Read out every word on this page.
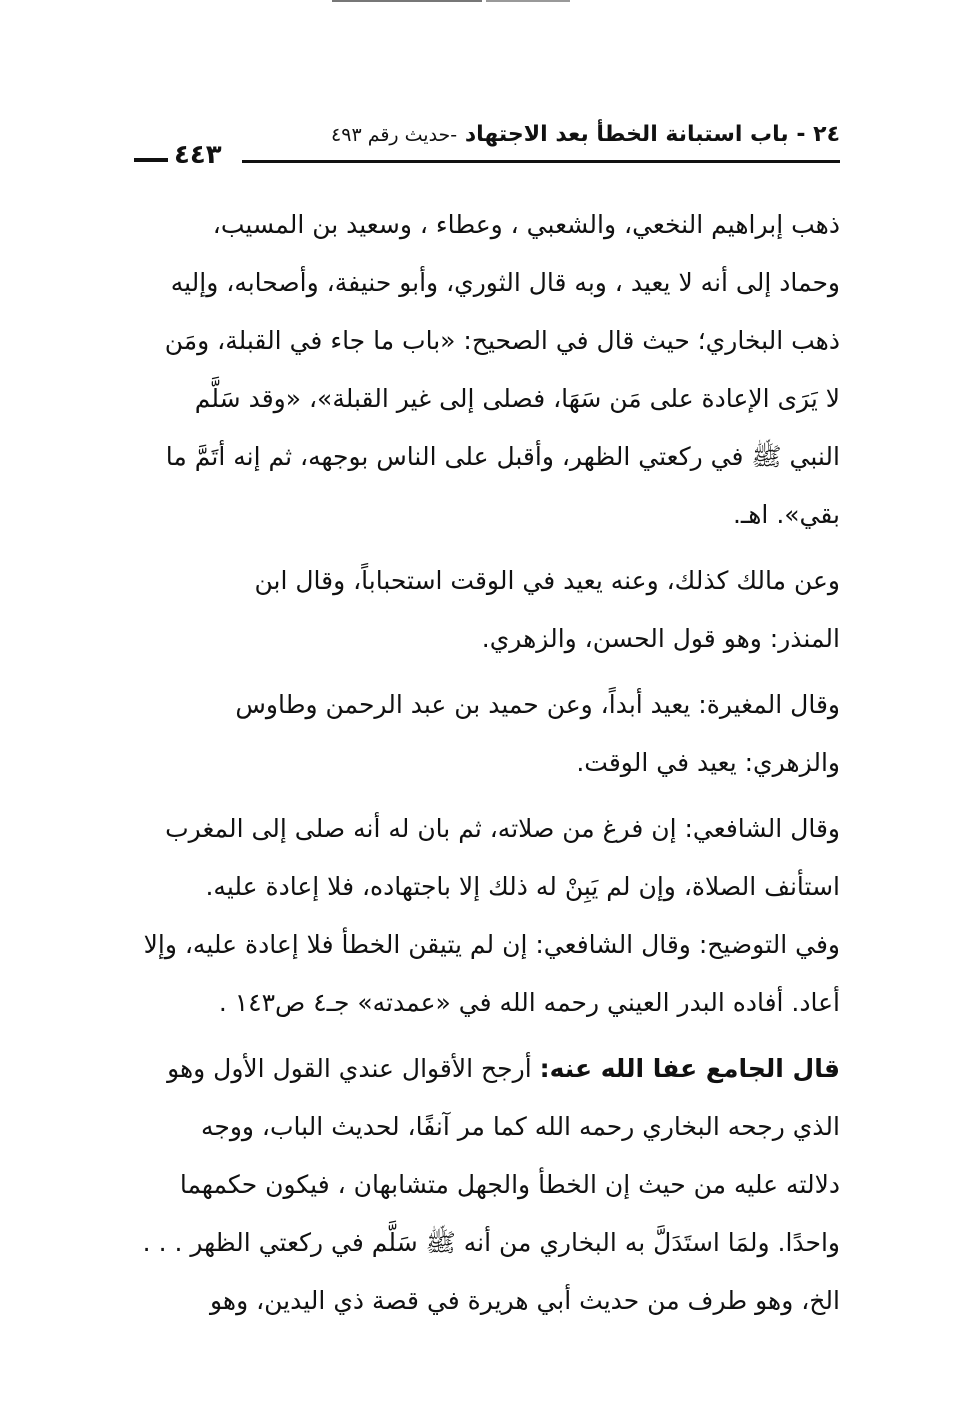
٢٤ - باب استبانة الخطأ بعد الاجتهاد -حديث رقم ٤٩٣
٤٤٣
ذهب إبراهيم النخعي، والشعبي ، وعطاء ، وسعيد بن المسيب،
وحماد إلى أنه لا يعيد ، وبه قال الثوري، وأبو حنيفة، وأصحابه، وإليه
ذهب البخاري؛ حيث قال في الصحيح: «باب ما جاء في القبلة، ومَن
لا يَرَى الإعادة على مَن سَهَا، فصلى إلى غير القبلة»، «وقد سَلَّم
النبي ﷺ في ركعتي الظهر، وأقبل على الناس بوجهه، ثم إنه أتَمَّ ما
بقي». اهـ.
وعن مالك كذلك، وعنه يعيد في الوقت استحباباً، وقال ابن
المنذر: وهو قول الحسن، والزهري.
وقال المغيرة: يعيد أبداً، وعن حميد بن عبد الرحمن وطاوس
والزهري: يعيد في الوقت.
وقال الشافعي: إن فرغ من صلاته، ثم بان له أنه صلى إلى المغرب
استأنف الصلاة، وإن لم يَبِنْ له ذلك إلا باجتهاده، فلا إعادة عليه.
وفي التوضيح: وقال الشافعي: إن لم يتيقن الخطأ فلا إعادة عليه، وإلا
أعاد. أفاده البدر العيني رحمه الله في «عمدته» جـ٤ ص١٤٣ .
قال الجامع عفا الله عنه: أرجح الأقوال عندي القول الأول وهو
الذي رجحه البخاري رحمه الله كما مر آنفًا، لحديث الباب، ووجه
دلالته عليه من حيث إن الخطأ والجهل متشابهان ، فيكون حكمهما
واحدًا. ولمَا استَدَلَّ به البخاري من أنه ﷺ سَلَّم في ركعتي الظهر . . .
الخ، وهو طرف من حديث أبي هريرة في قصة ذي اليدين، وهو
